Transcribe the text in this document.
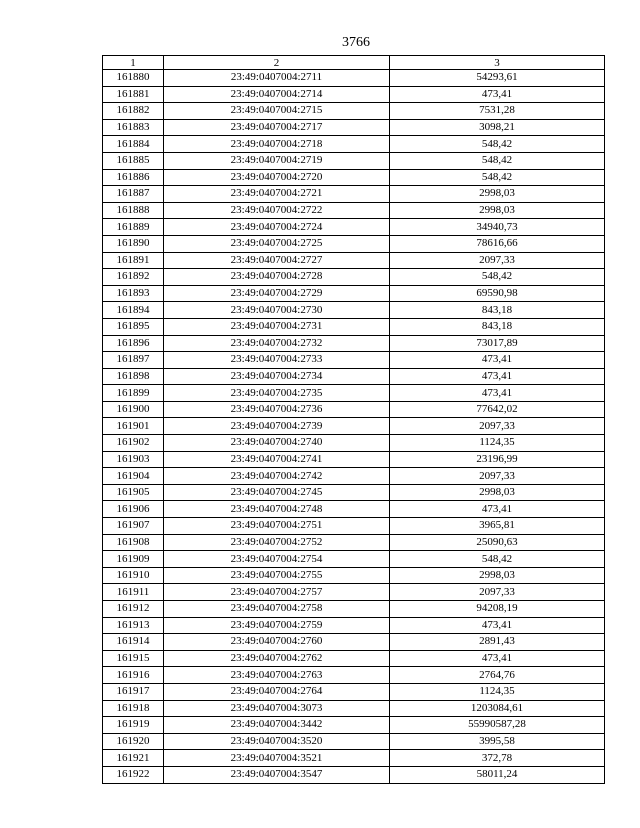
3766
1	2	3
161880	23:49:0407004:2711	54293,61
161881	23:49:0407004:2714	473,41
161882	23:49:0407004:2715	7531,28
161883	23:49:0407004:2717	3098,21
161884	23:49:0407004:2718	548,42
161885	23:49:0407004:2719	548,42
161886	23:49:0407004:2720	548,42
161887	23:49:0407004:2721	2998,03
161888	23:49:0407004:2722	2998,03
161889	23:49:0407004:2724	34940,73
161890	23:49:0407004:2725	78616,66
161891	23:49:0407004:2727	2097,33
161892	23:49:0407004:2728	548,42
161893	23:49:0407004:2729	69590,98
161894	23:49:0407004:2730	843,18
161895	23:49:0407004:2731	843,18
161896	23:49:0407004:2732	73017,89
161897	23:49:0407004:2733	473,41
161898	23:49:0407004:2734	473,41
161899	23:49:0407004:2735	473,41
161900	23:49:0407004:2736	77642,02
161901	23:49:0407004:2739	2097,33
161902	23:49:0407004:2740	1124,35
161903	23:49:0407004:2741	23196,99
161904	23:49:0407004:2742	2097,33
161905	23:49:0407004:2745	2998,03
161906	23:49:0407004:2748	473,41
161907	23:49:0407004:2751	3965,81
161908	23:49:0407004:2752	25090,63
161909	23:49:0407004:2754	548,42
161910	23:49:0407004:2755	2998,03
161911	23:49:0407004:2757	2097,33
161912	23:49:0407004:2758	94208,19
161913	23:49:0407004:2759	473,41
161914	23:49:0407004:2760	2891,43
161915	23:49:0407004:2762	473,41
161916	23:49:0407004:2763	2764,76
161917	23:49:0407004:2764	1124,35
161918	23:49:0407004:3073	1203084,61
161919	23:49:0407004:3442	55990587,28
161920	23:49:0407004:3520	3995,58
161921	23:49:0407004:3521	372,78
161922	23:49:0407004:3547	58011,24
